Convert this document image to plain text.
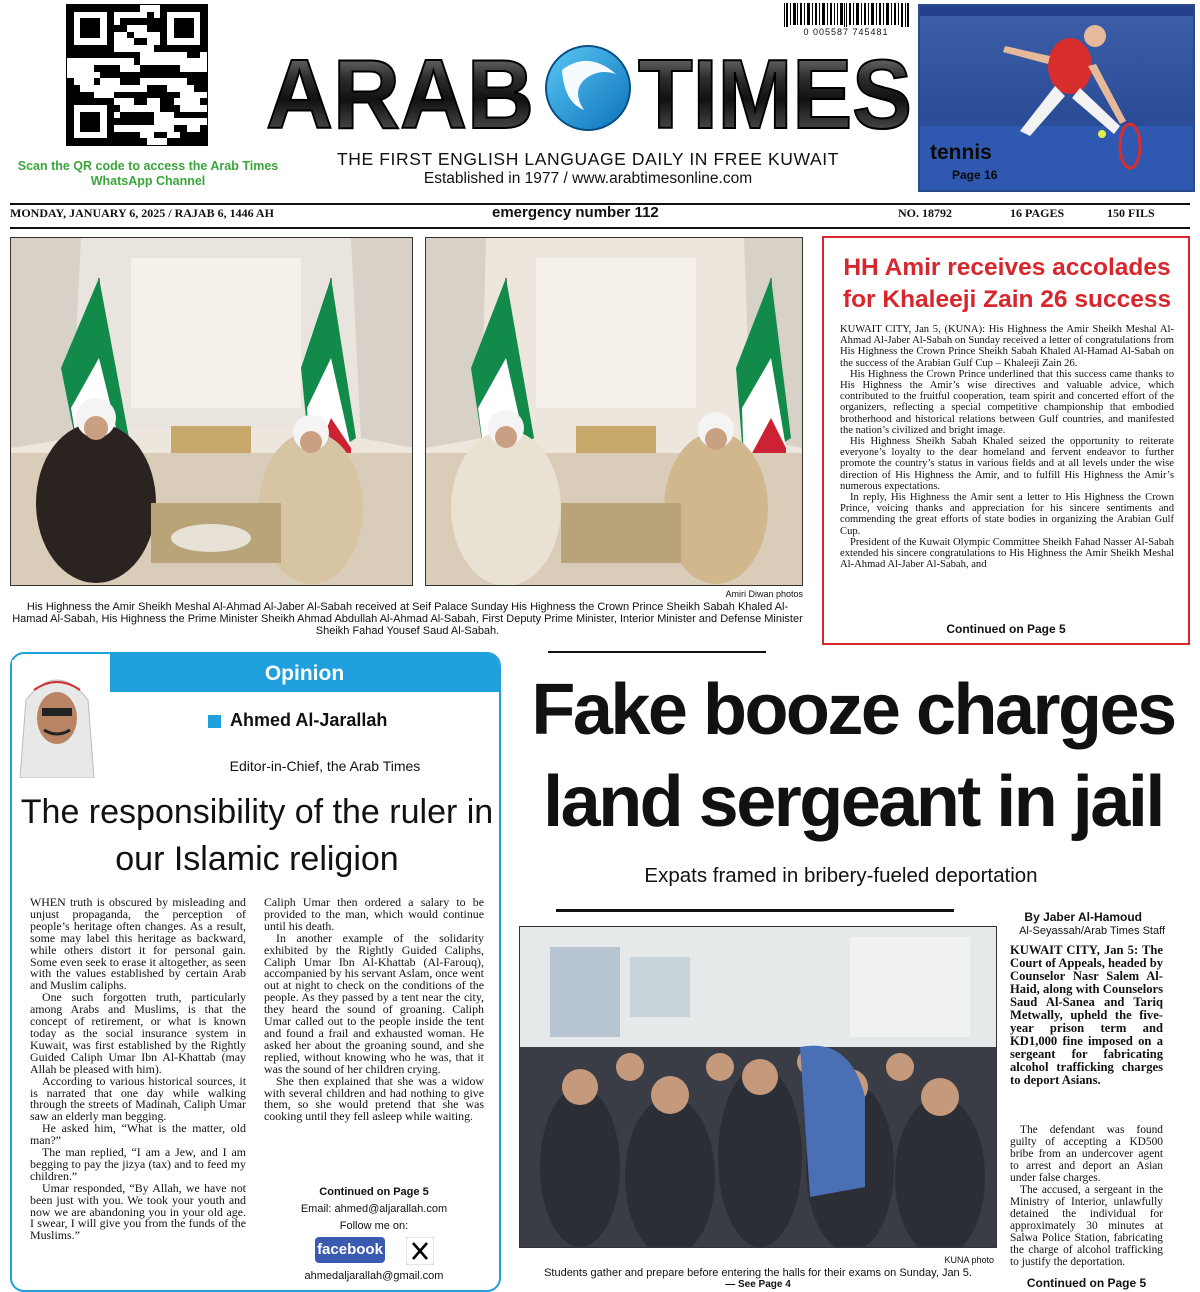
Scan the QR code to access the Arab Times WhatsApp Channel
0 005587 745481
ARAB TIMES
THE FIRST ENGLISH LANGUAGE DAILY IN FREE KUWAIT
Established in 1977 / www.arabtimesonline.com
tennis
Page 16
MONDAY, JANUARY 6, 2025 / RAJAB 6, 1446 AH	emergency number 112	NO. 18792	16 PAGES	150 FILS
Amiri Diwan photos
His Highness the Amir Sheikh Meshal Al-Ahmad Al-Jaber Al-Sabah received at Seif Palace Sunday His Highness the Crown Prince Sheikh Sabah Khaled Al-Hamad Al-Sabah, His Highness the Prime Minister Sheikh Ahmad Abdullah Al-Ahmad Al-Sabah, First Deputy Prime Minister, Interior Minister and Defense Minister Sheikh Fahad Yousef Saud Al-Sabah.
HH Amir receives accolades for Khaleeji Zain 26 success

KUWAIT CITY, Jan 5, (KUNA): His Highness the Amir Sheikh Meshal Al-Ahmad Al-Jaber Al-Sabah on Sunday received a letter of congratulations from His Highness the Crown Prince Sheikh Sabah Khaled Al-Hamad Al-Sabah on the success of the Arabian Gulf Cup – Khaleeji Zain 26.

His Highness the Crown Prince underlined that this success came thanks to His Highness the Amir’s wise directives and valuable advice, which contributed to the fruitful cooperation, team spirit and concerted effort of the organizers, reflecting a special competitive championship that embodied brotherhood and historical relations between Gulf countries, and manifested the nation’s civilized and bright image.

His Highness Sheikh Sabah Khaled seized the opportunity to reiterate everyone’s loyalty to the dear homeland and fervent endeavor to further promote the country’s status in various fields and at all levels under the wise direction of His Highness the Amir, and to fulfill His Highness the Amir’s numerous expectations.

In reply, His Highness the Amir sent a letter to His Highness the Crown Prince, voicing thanks and appreciation for his sincere sentiments and commending the great efforts of state bodies in organizing the Arabian Gulf Cup.

President of the Kuwait Olympic Committee Sheikh Fahad Nasser Al-Sabah extended his sincere congratulations to His Highness the Amir Sheikh Meshal Al-Ahmad Al-Jaber Al-Sabah, and

Continued on Page 5
Opinion
Ahmed Al-Jarallah
Editor-in-Chief, the Arab Times
The responsibility of the ruler in our Islamic religion

WHEN truth is obscured by misleading and unjust propaganda, the perception of people’s heritage often changes. As a result, some may label this heritage as backward, while others distort it for personal gain. Some even seek to erase it altogether, as seen with the values established by certain Arab and Muslim caliphs.

One such forgotten truth, particularly among Arabs and Muslims, is that the concept of retirement, or what is known today as the social insurance system in Kuwait, was first established by the Rightly Guided Caliph Umar Ibn Al-Khattab (may Allah be pleased with him).

According to various historical sources, it is narrated that one day while walking through the streets of Madinah, Caliph Umar saw an elderly man begging.

He asked him, “What is the matter, old man?”

The man replied, “I am a Jew, and I am begging to pay the jizya (tax) and to feed my children.”

Umar responded, “By Allah, we have not been just with you. We took your youth and now we are abandoning you in your old age. I swear, I will give you from the funds of the Muslims.”

Caliph Umar then ordered a salary to be provided to the man, which would continue until his death.

In another example of the solidarity exhibited by the Rightly Guided Caliphs, Caliph Umar Ibn Al-Khattab (Al-Farouq), accompanied by his servant Aslam, once went out at night to check on the conditions of the people. As they passed by a tent near the city, they heard the sound of groaning. Caliph Umar called out to the people inside the tent and found a frail and exhausted woman. He asked her about the groaning sound, and she replied, without knowing who he was, that it was the sound of her children crying.

She then explained that she was a widow with several children and had nothing to give them, so she would pretend that she was cooking until they fell asleep while waiting.

Continued on Page 5
Email: ahmed@aljarallah.com
Follow me on:
facebook
X
ahmedaljarallah@gmail.com
Fake booze charges
land sergeant in jail
Expats framed in bribery-fueled deportation
KUNA photo
Students gather and prepare before entering the halls for their exams on Sunday, Jan 5.
— See Page 4
By Jaber Al-Hamoud
Al-Seyassah/Arab Times Staff
KUWAIT CITY, Jan 5: The Court of Appeals, headed by Counselor Nasr Salem Al-Haid, along with Counselors Saud Al-Sanea and Tariq Metwally, upheld the five-year prison term and KD1,000 fine imposed on a sergeant for fabricating alcohol trafficking charges to deport Asians.

The defendant was found guilty of accepting a KD500 bribe from an undercover agent to arrest and deport an Asian under false charges.

The accused, a sergeant in the Ministry of Interior, unlawfully detained the individual for approximately 30 minutes at Salwa Police Station, fabricating the charge of alcohol trafficking to justify the deportation.

Continued on Page 5
